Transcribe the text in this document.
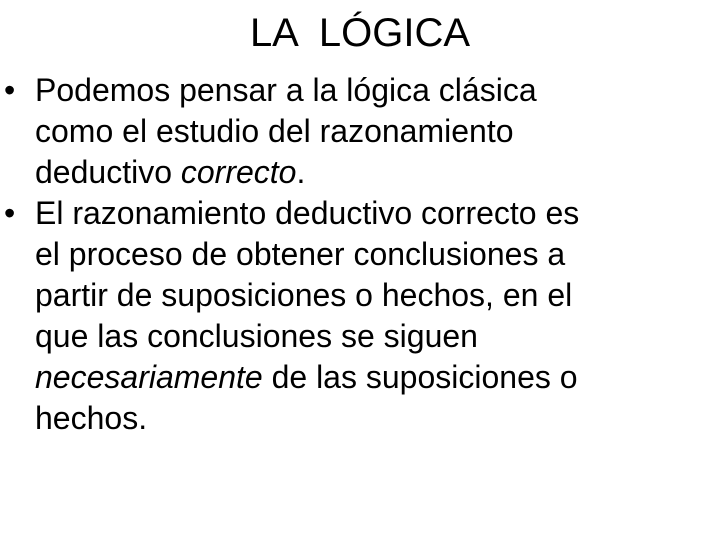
LA  LÓGICA
• Podemos pensar a la lógica clásica
como el estudio del razonamiento
deductivo correcto.
• El razonamiento deductivo correcto es
el proceso de obtener conclusiones a
partir de suposiciones o hechos, en el
que las conclusiones se siguen
necesariamente de las suposiciones o
hechos.
